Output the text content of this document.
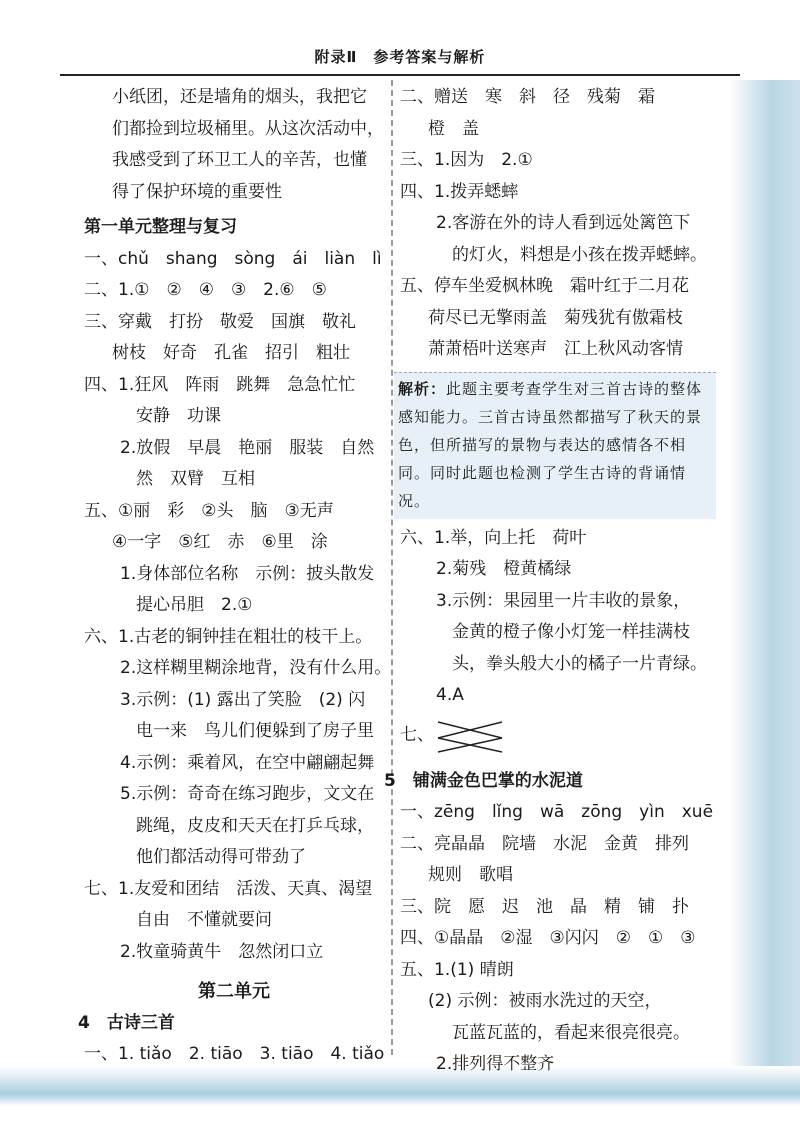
附录Ⅱ　参考答案与解析
小纸团，还是墙角的烟头，我把它
们都捡到垃圾桶里。从这次活动中，
我感受到了环卫工人的辛苦，也懂
得了保护环境的重要性
第一单元整理与复习
一、chǔ　shang　sòng　ái　liàn　lì
二、1.①　②　④　③　2.⑥　⑤
三、穿戴　打扮　敬爱　国旗　敬礼
树枝　好奇　孔雀　招引　粗壮
四、1.狂风　阵雨　跳舞　急急忙忙
安静　功课
2.放假　早晨　艳丽　服装　自然
然　双臂　互相
五、①丽　彩　②头　脑　③无声
④一字　⑤红　赤　⑥里　涂
1.身体部位名称　示例：披头散发
提心吊胆　2.①
六、1.古老的铜钟挂在粗壮的枝干上。
2.这样糊里糊涂地背，没有什么用。
3.示例：(1) 露出了笑脸　(2) 闪
电一来　鸟儿们便躲到了房子里
4.示例：乘着风，在空中翩翩起舞
5.示例：奇奇在练习跑步，文文在
跳绳，皮皮和天天在打乒乓球，
他们都活动得可带劲了
七、1.友爱和团结　活泼、天真、渴望
自由　不懂就要问
2.牧童骑黄牛　忽然闭口立
第二单元
4　古诗三首
一、1. tiǎo　2. tiāo　3. tiāo　4. tiǎo
二、赠送　寒　斜　径　残菊　霜
橙　盖
三、1.因为　2.①
四、1.拨弄蟋蟀
2.客游在外的诗人看到远处篱笆下
的灯火，料想是小孩在拨弄蟋蟀。
五、停车坐爱枫林晚　霜叶红于二月花
荷尽已无擎雨盖　菊残犹有傲霜枝
萧萧梧叶送寒声　江上秋风动客情
解析：此题主要考查学生对三首古诗的整体感知能力。三首古诗虽然都描写了秋天的景色，但所描写的景物与表达的感情各不相同。同时此题也检测了学生古诗的背诵情况。
六、1.举，向上托　荷叶
2.菊残　橙黄橘绿
3.示例：果园里一片丰收的景象，
金黄的橙子像小灯笼一样挂满枝
头，拳头般大小的橘子一片青绿。
4.A
七、
5　铺满金色巴掌的水泥道
一、zēng　lǐng　wā　zōng　yìn　xuē
二、亮晶晶　院墙　水泥　金黄　排列
规则　歌唱
三、院　愿　迟　池　晶　精　铺　扑
四、①晶晶　②湿　③闪闪　②　①　③
五、1.(1) 晴朗
(2) 示例：被雨水洗过的天空，
瓦蓝瓦蓝的，看起来很亮很亮。
2.排列得不整齐
